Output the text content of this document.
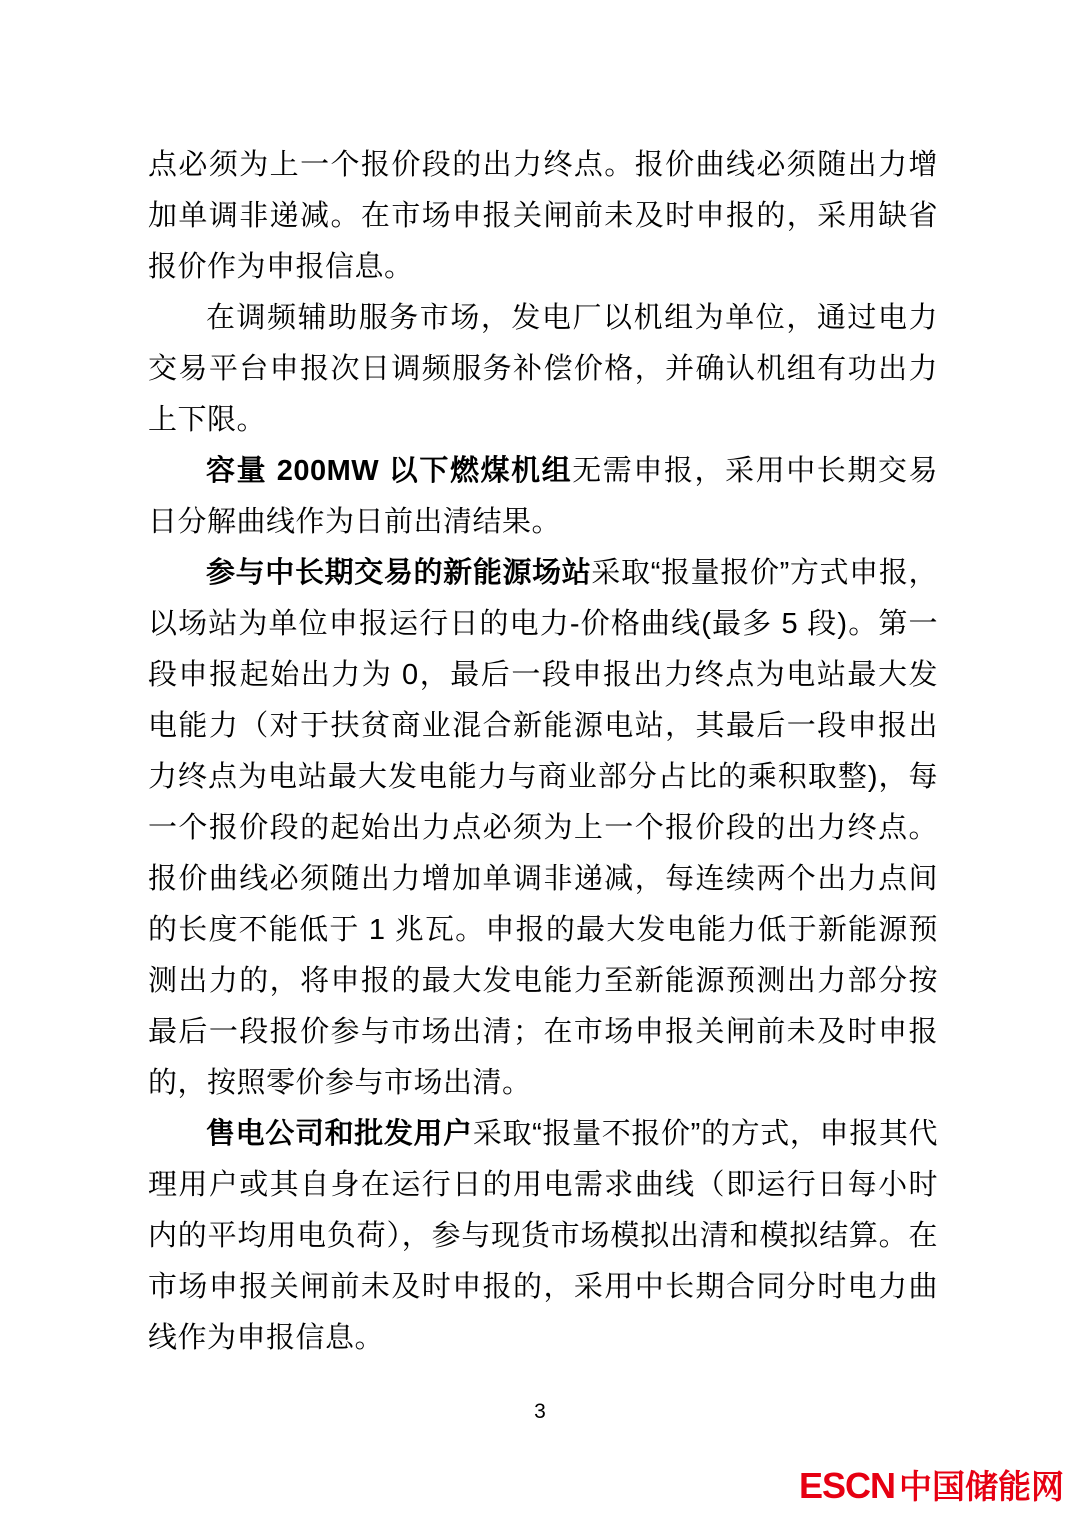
点必须为上一个报价段的出力终点。报价曲线必须随出力增加单调非递减。在市场申报关闸前未及时申报的，采用缺省报价作为申报信息。

在调频辅助服务市场，发电厂以机组为单位，通过电力交易平台申报次日调频服务补偿价格，并确认机组有功出力上下限。

容量 200MW 以下燃煤机组无需申报，采用中长期交易日分解曲线作为日前出清结果。

参与中长期交易的新能源场站采取“报量报价”方式申报，以场站为单位申报运行日的电力-价格曲线(最多 5 段)。第一段申报起始出力为 0，最后一段申报出力终点为电站最大发电能力（对于扶贫商业混合新能源电站，其最后一段申报出力终点为电站最大发电能力与商业部分占比的乘积取整)，每一个报价段的起始出力点必须为上一个报价段的出力终点。报价曲线必须随出力增加单调非递减，每连续两个出力点间的长度不能低于 1 兆瓦。申报的最大发电能力低于新能源预测出力的，将申报的最大发电能力至新能源预测出力部分按最后一段报价参与市场出清；在市场申报关闸前未及时申报的，按照零价参与市场出清。

售电公司和批发用户采取“报量不报价”的方式，申报其代理用户或其自身在运行日的用电需求曲线（即运行日每小时内的平均用电负荷），参与现货市场模拟出清和模拟结算。在市场申报关闸前未及时申报的，采用中长期合同分时电力曲线作为申报信息。

3
ESCN 中国储能网
